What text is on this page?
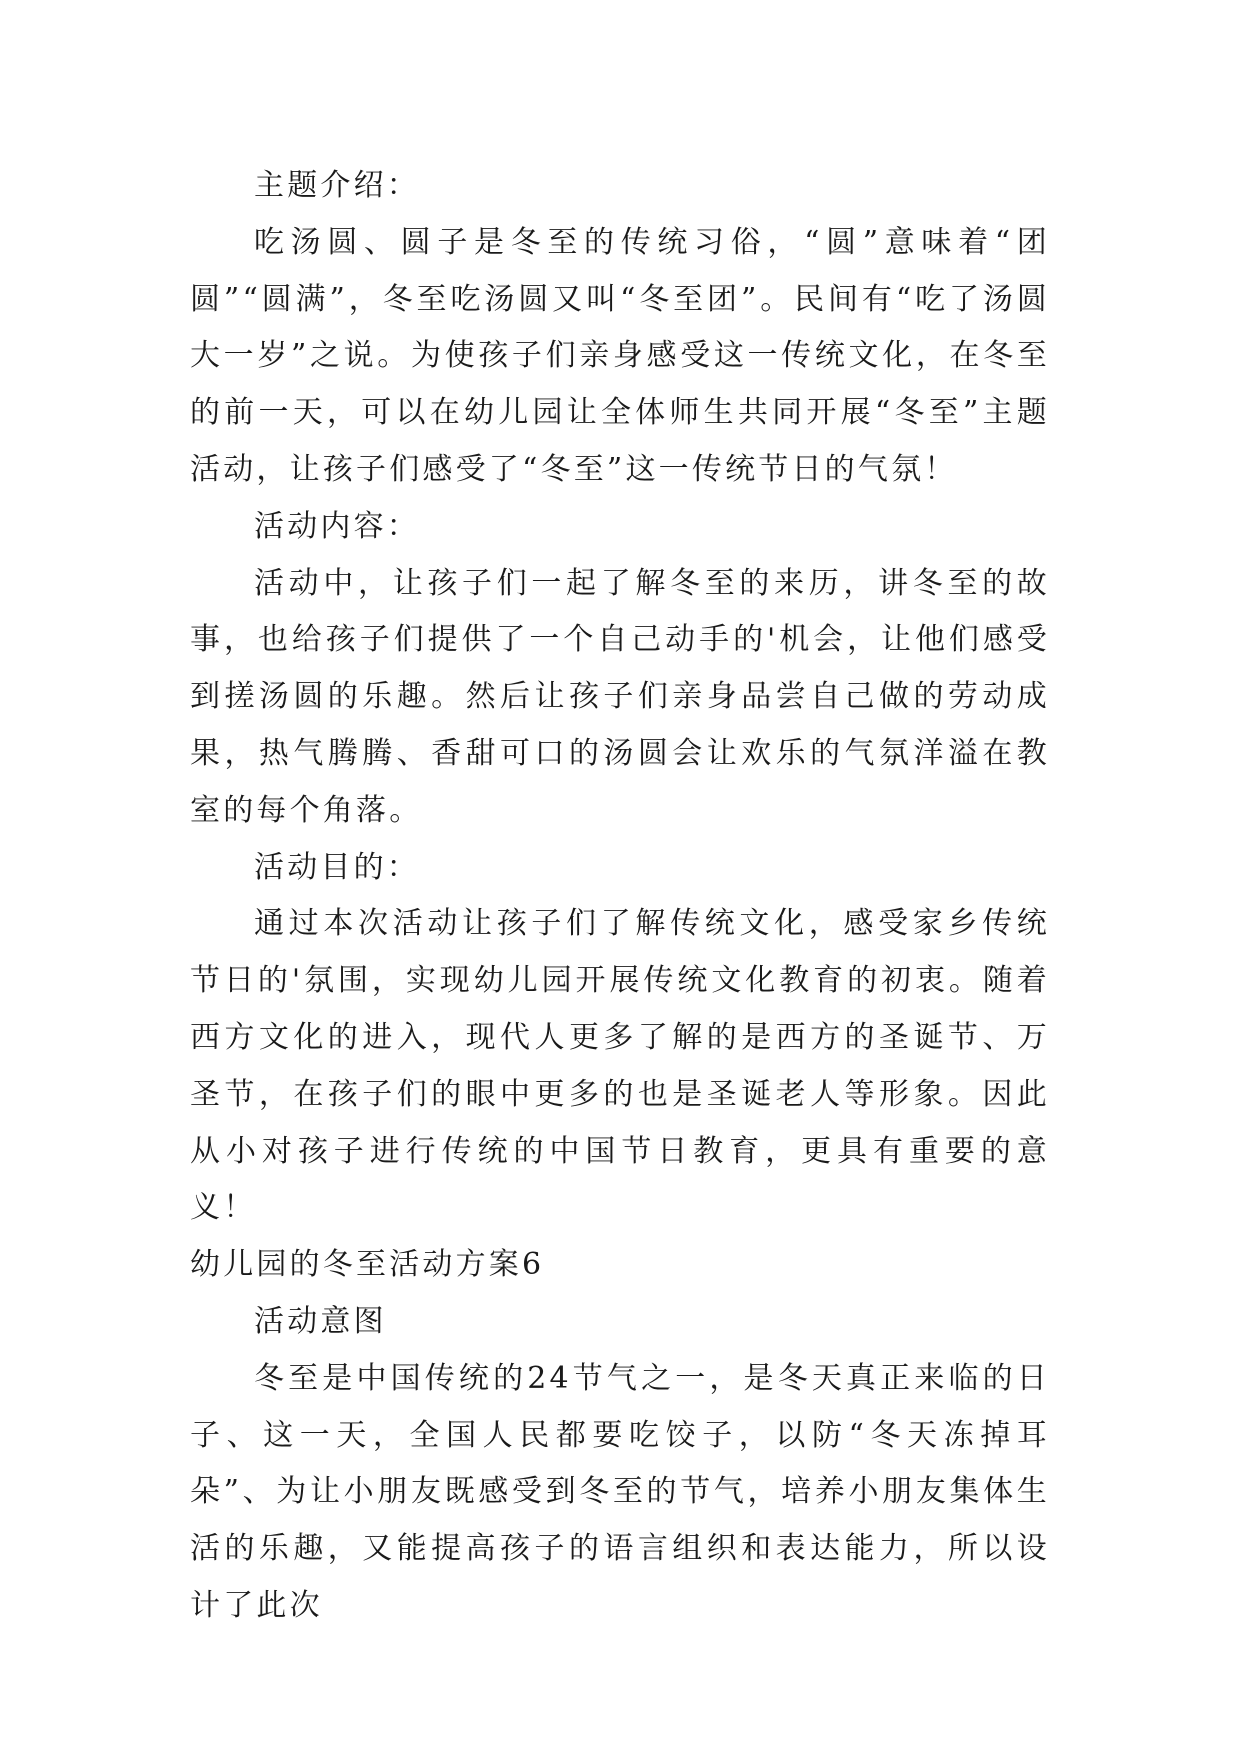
主题介绍：

吃汤圆、圆子是冬至的传统习俗，“圆”意味着“团圆”“圆满”，冬至吃汤圆又叫“冬至团”。民间有“吃了汤圆大一岁”之说。为使孩子们亲身感受这一传统文化，在冬至的前一天，可以在幼儿园让全体师生共同开展“冬至”主题活动，让孩子们感受了“冬至”这一传统节日的气氛！

活动内容：

活动中，让孩子们一起了解冬至的来历，讲冬至的故事，也给孩子们提供了一个自己动手的'机会，让他们感受到搓汤圆的乐趣。然后让孩子们亲身品尝自己做的劳动成果，热气腾腾、香甜可口的汤圆会让欢乐的气氛洋溢在教室的每个角落。

活动目的：

通过本次活动让孩子们了解传统文化，感受家乡传统节日的'氛围，实现幼儿园开展传统文化教育的初衷。随着西方文化的进入，现代人更多了解的是西方的圣诞节、万圣节，在孩子们的眼中更多的也是圣诞老人等形象。因此从小对孩子进行传统的中国节日教育，更具有重要的意义！

幼儿园的冬至活动方案6

活动意图

冬至是中国传统的24节气之一，是冬天真正来临的日子、这一天，全国人民都要吃饺子，以防“冬天冻掉耳朵”、为让小朋友既感受到冬至的节气，培养小朋友集体生活的乐趣，又能提高孩子的语言组织和表达能力，所以设计了此次
